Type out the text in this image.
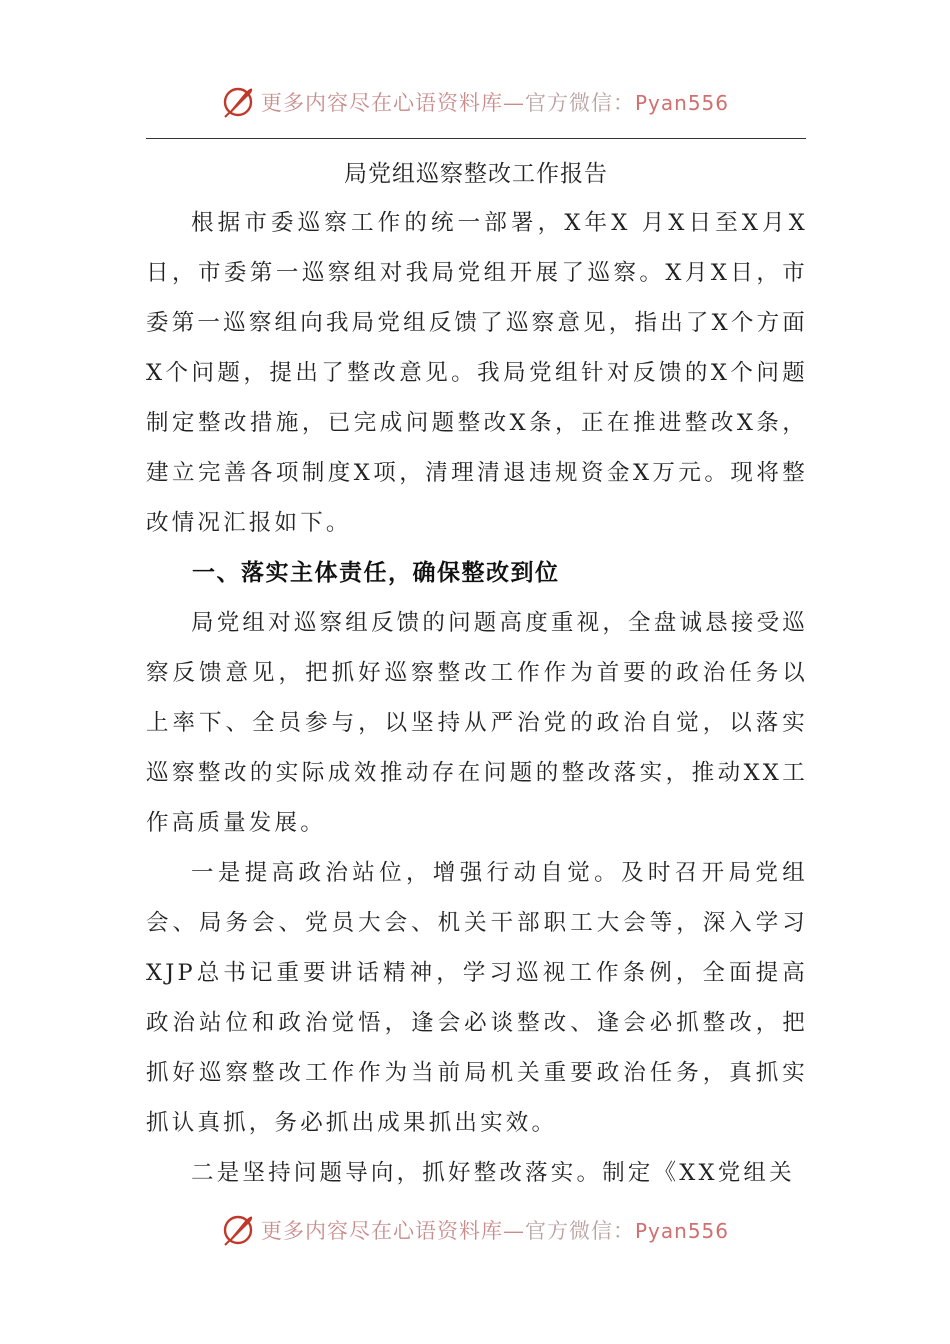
更多内容尽在心语资料库—官方微信：Pyan556
局党组巡察整改工作报告

根据市委巡察工作的统一部署，X年X 月X日至X月X日，市委第一巡察组对我局党组开展了巡察。X月X日，市委第一巡察组向我局党组反馈了巡察意见，指出了X个方面X个问题，提出了整改意见。我局党组针对反馈的X个问题制定整改措施，已完成问题整改X条，正在推进整改X条，建立完善各项制度X项，清理清退违规资金X万元。现将整改情况汇报如下。

一、落实主体责任，确保整改到位

局党组对巡察组反馈的问题高度重视，全盘诚恳接受巡察反馈意见，把抓好巡察整改工作作为首要的政治任务以上率下、全员参与，以坚持从严治党的政治自觉，以落实巡察整改的实际成效推动存在问题的整改落实，推动XX工作高质量发展。

一是提高政治站位，增强行动自觉。及时召开局党组会、局务会、党员大会、机关干部职工大会等，深入学习XJP总书记重要讲话精神，学习巡视工作条例，全面提高政治站位和政治觉悟，逢会必谈整改、逢会必抓整改，把抓好巡察整改工作作为当前局机关重要政治任务，真抓实抓认真抓，务必抓出成果抓出实效。

二是坚持问题导向，抓好整改落实。制定《XX党组关

更多内容尽在心语资料库—官方微信：Pyan556
